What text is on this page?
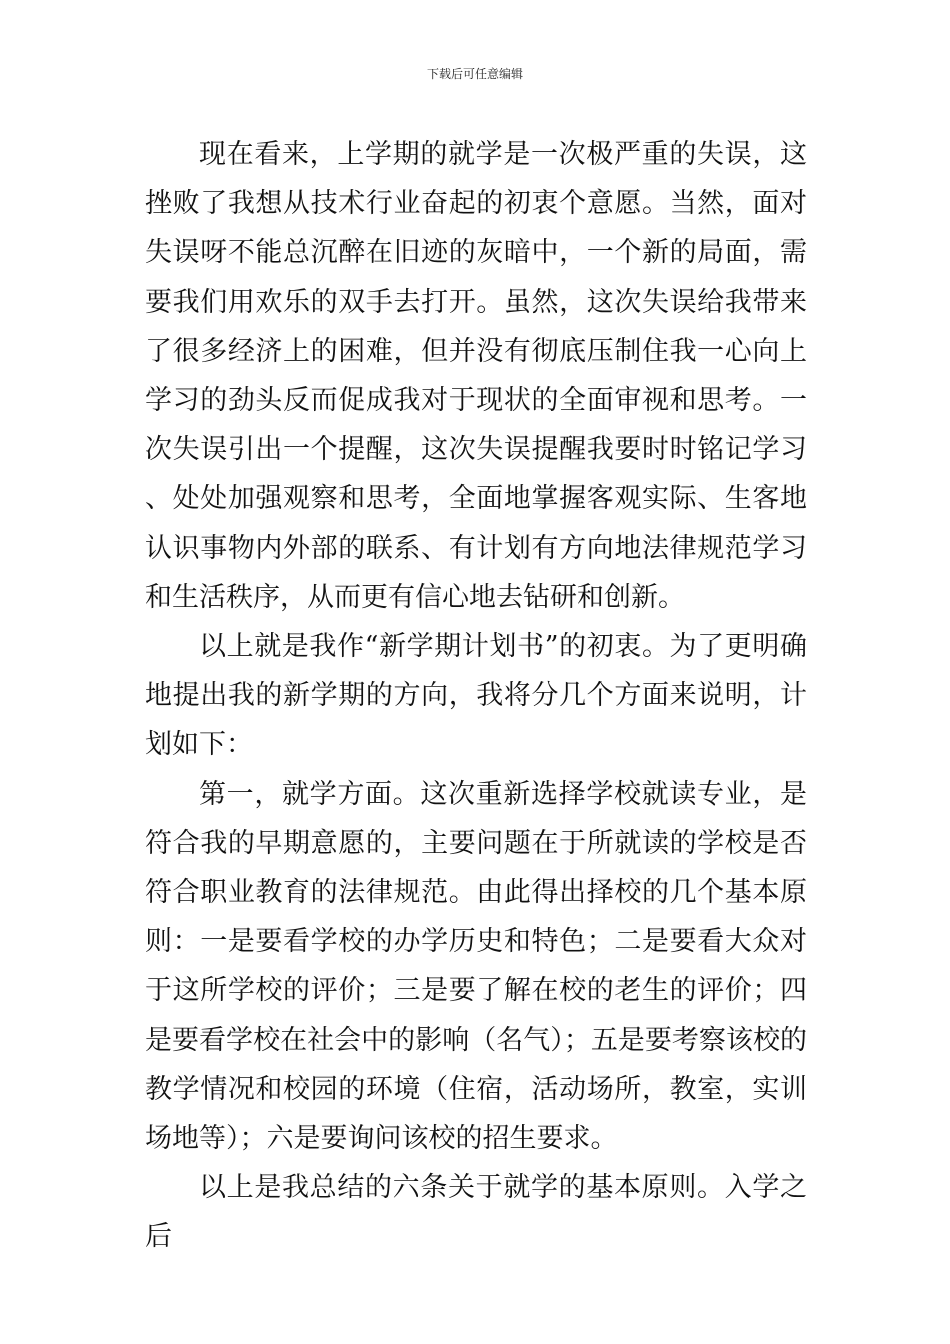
下载后可任意编辑

现在看来，上学期的就学是一次极严重的失误，这挫败了我想从技术行业奋起的初衷个意愿。当然，面对失误呀不能总沉醉在旧迹的灰暗中，一个新的局面，需要我们用欢乐的双手去打开。虽然，这次失误给我带来了很多经济上的困难，但并没有彻底压制住我一心向上学习的劲头反而促成我对于现状的全面审视和思考。一次失误引出一个提醒，这次失误提醒我要时时铭记学习、处处加强观察和思考，全面地掌握客观实际、生客地认识事物内外部的联系、有计划有方向地法律规范学习和生活秩序，从而更有信心地去钻研和创新。

以上就是我作“新学期计划书”的初衷。为了更明确地提出我的新学期的方向，我将分几个方面来说明，计划如下：

第一，就学方面。这次重新选择学校就读专业，是符合我的早期意愿的，主要问题在于所就读的学校是否符合职业教育的法律规范。由此得出择校的几个基本原则：一是要看学校的办学历史和特色；二是要看大众对于这所学校的评价；三是要了解在校的老生的评价；四是要看学校在社会中的影响（名气）；五是要考察该校的教学情况和校园的环境（住宿，活动场所，教室，实训场地等）；六是要询问该校的招生要求。

以上是我总结的六条关于就学的基本原则。入学之后
